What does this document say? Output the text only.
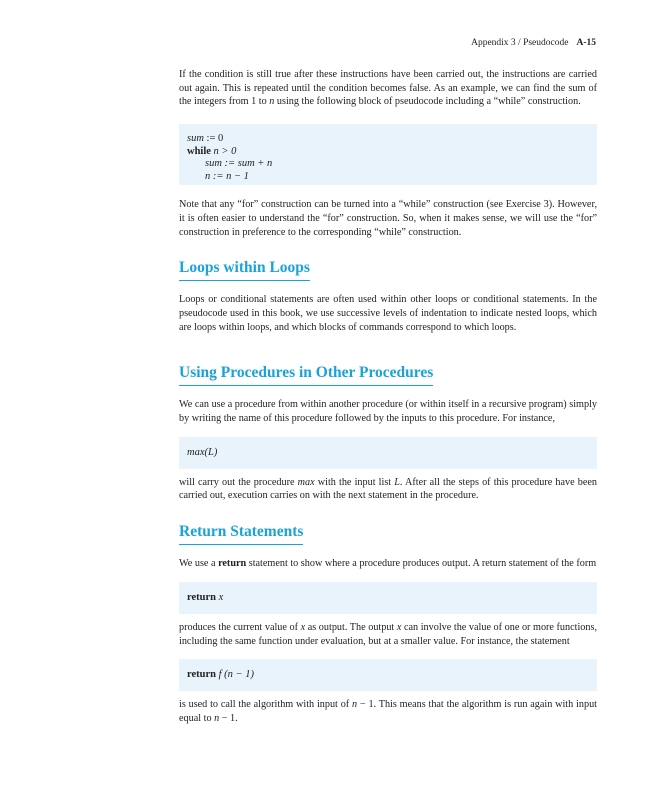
Appendix 3 / Pseudocode A-15

If the condition is still true after these instructions have been carried out, the instructions are carried out again. This is repeated until the condition becomes false. As an example, we can find the sum of the integers from 1 to n using the following block of pseudocode including a “while” construction.

sum := 0
while n > 0
sum := sum + n
n := n − 1

Note that any “for” construction can be turned into a “while” construction (see Exercise 3). However, it is often easier to understand the “for” construction. So, when it makes sense, we will use the “for” construction in preference to the corresponding “while” construction.

Loops within Loops

Loops or conditional statements are often used within other loops or conditional statements. In the pseudocode used in this book, we use successive levels of indentation to indicate nested loops, which are loops within loops, and which blocks of commands correspond to which loops.

Using Procedures in Other Procedures

We can use a procedure from within another procedure (or within itself in a recursive program) simply by writing the name of this procedure followed by the inputs to this procedure. For instance,

max(L)

will carry out the procedure max with the input list L. After all the steps of this procedure have been carried out, execution carries on with the next statement in the procedure.

Return Statements

We use a return statement to show where a procedure produces output. A return statement of the form

return x

produces the current value of x as output. The output x can involve the value of one or more functions, including the same function under evaluation, but at a smaller value. For instance, the statement

return f (n − 1)

is used to call the algorithm with input of n − 1. This means that the algorithm is run again with input equal to n − 1.
